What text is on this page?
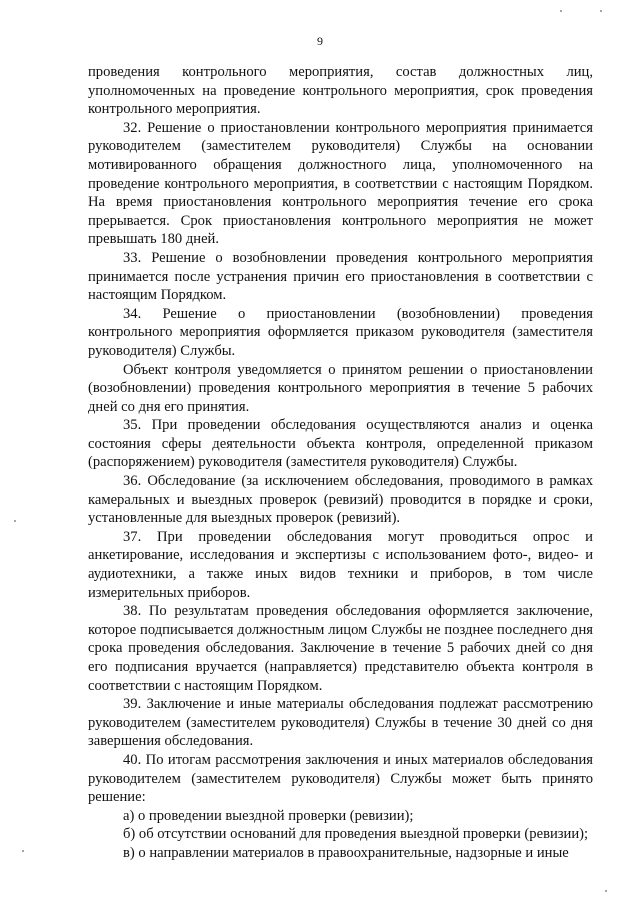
9

проведения контрольного мероприятия, состав должностных лиц, уполномоченных на проведение контрольного мероприятия, срок проведения контрольного мероприятия.

32. Решение о приостановлении контрольного мероприятия принимается руководителем (заместителем руководителя) Службы на основании мотивированного обращения должностного лица, уполномоченного на проведение контрольного мероприятия, в соответствии с настоящим Порядком. На время приостановления контрольного мероприятия течение его срока прерывается. Срок приостановления контрольного мероприятия не может превышать 180 дней.

33. Решение о возобновлении проведения контрольного мероприятия принимается после устранения причин его приостановления в соответствии с настоящим Порядком.

34. Решение о приостановлении (возобновлении) проведения контрольного мероприятия оформляется приказом руководителя (заместителя руководителя) Службы.

Объект контроля уведомляется о принятом решении о приостановлении (возобновлении) проведения контрольного мероприятия в течение 5 рабочих дней со дня его принятия.

35. При проведении обследования осуществляются анализ и оценка состояния сферы деятельности объекта контроля, определенной приказом (распоряжением) руководителя (заместителя руководителя) Службы.

36. Обследование (за исключением обследования, проводимого в рамках камеральных и выездных проверок (ревизий) проводится в порядке и сроки, установленные для выездных проверок (ревизий).

37. При проведении обследования могут проводиться опрос и анкетирование, исследования и экспертизы с использованием фото-, видео- и аудиотехники, а также иных видов техники и приборов, в том числе измерительных приборов.

38. По результатам проведения обследования оформляется заключение, которое подписывается должностным лицом Службы не позднее последнего дня срока проведения обследования. Заключение в течение 5 рабочих дней со дня его подписания вручается (направляется) представителю объекта контроля в соответствии с настоящим Порядком.

39. Заключение и иные материалы обследования подлежат рассмотрению руководителем (заместителем руководителя) Службы в течение 30 дней со дня завершения обследования.

40. По итогам рассмотрения заключения и иных материалов обследования руководителем (заместителем руководителя) Службы может быть принято решение:

а) о проведении выездной проверки (ревизии);

б) об отсутствии оснований для проведения выездной проверки (ревизии);

в) о направлении материалов в правоохранительные, надзорные и иные
